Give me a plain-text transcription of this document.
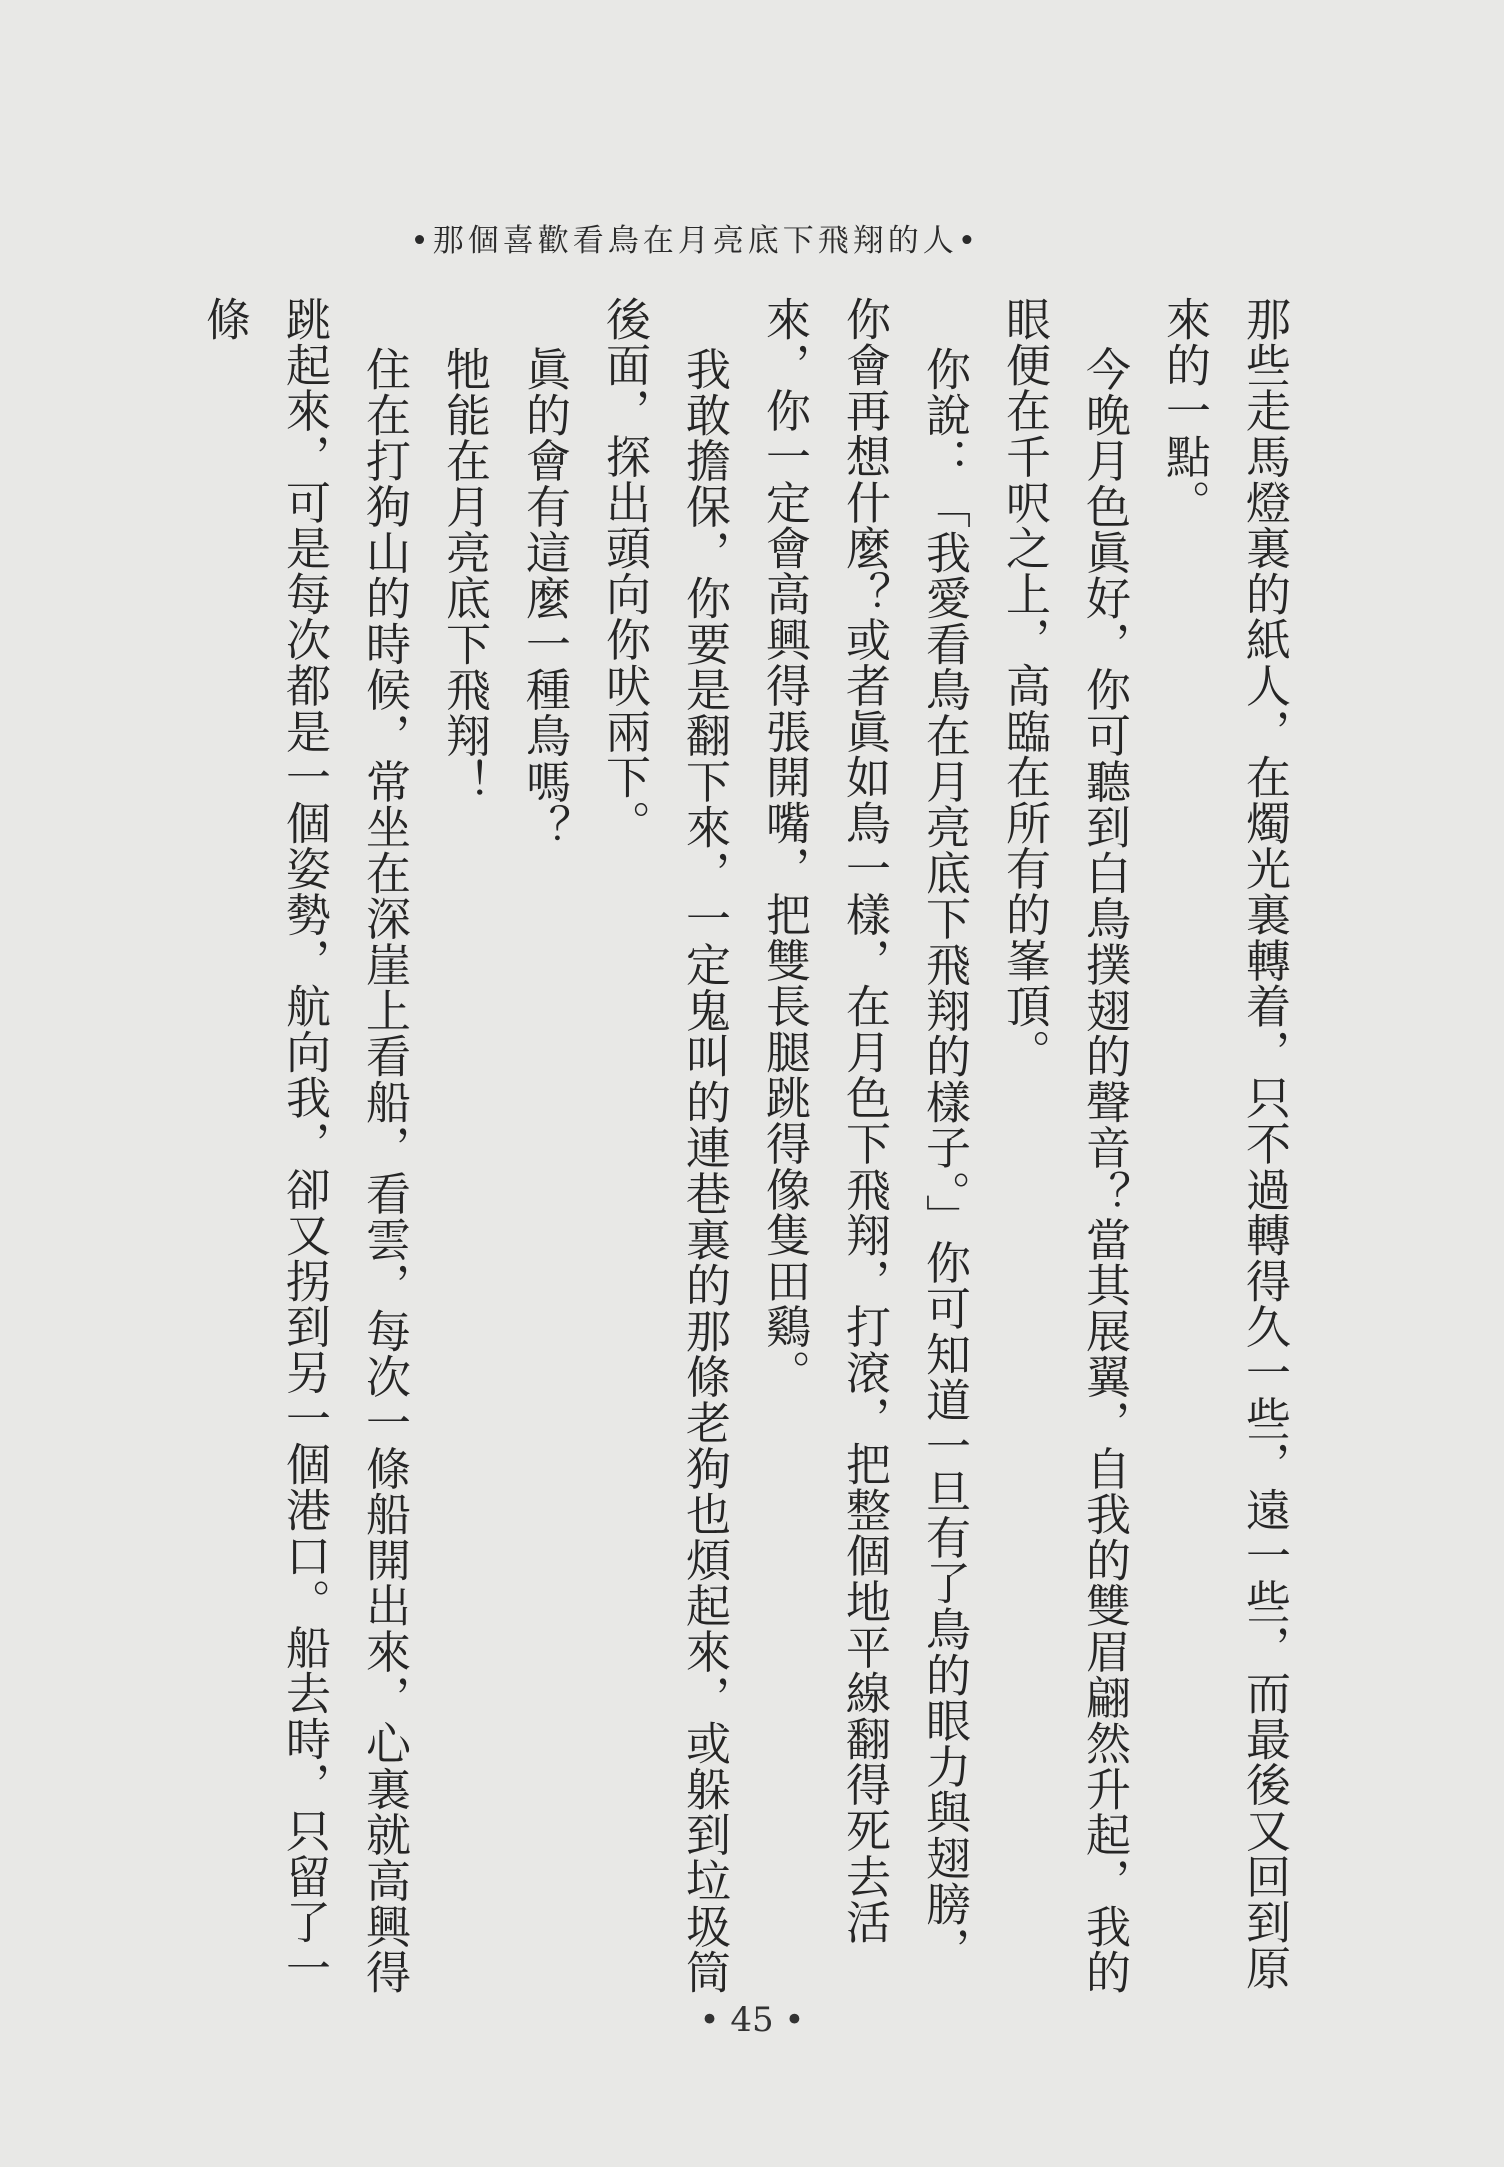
•人的翔飛下底亮月在鳥看歡喜個那•

那些走馬燈裏的紙人，在燭光裏轉着，只不過轉得久一些，遠一些，而最後又回到原來的一點。

今晚月色眞好，你可聽到白鳥撲翅的聲音？當其展翼，自我的雙眉翩然升起，我的眼便在千呎之上，高臨在所有的峯頂。

你說：「我愛看鳥在月亮底下飛翔的樣子。」你可知道一旦有了鳥的眼力與翅膀，你會再想什麼？或者眞如鳥一樣，在月色下飛翔，打滾，把整個地平線翻得死去活來，你一定會高興得張開嘴，把雙長腿跳得像隻田鷄。

我敢擔保，你要是翻下來，一定鬼叫的連巷裏的那條老狗也煩起來，或躲到垃圾筒後面，探出頭向你吠兩下。

眞的會有這麼一種鳥嗎？

牠能在月亮底下飛翔！

住在打狗山的時候，常坐在深崖上看船，看雲，每次一條船開出來，心裏就高興得跳起來，可是每次都是一個姿勢，航向我，卻又拐到另一個港口。船去時，只留了一條

• 45 •
